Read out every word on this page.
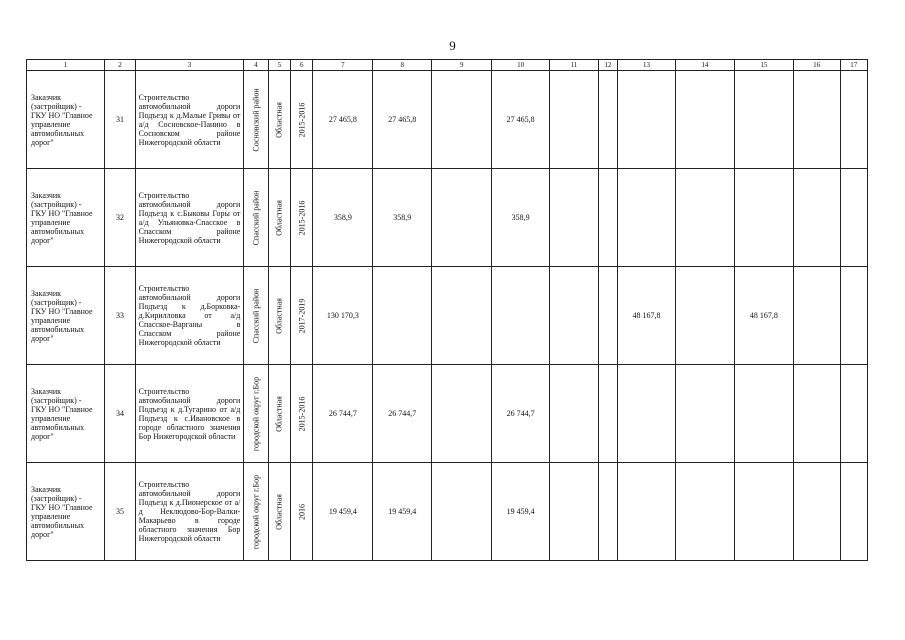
9
1	2	3	4	5	6	7	8	9	10	11	12	13	14	15	16	17

Заказчик (застройщик) - ГКУ НО "Главное управление автомобильных дорог"	31	Строительство автомобильной дороги Подъезд к д.Малые Гривы от а/д Сосновское-Панино в Сосновском районе Нижегородской области	Сосновский район	Областная	2015-2016	27 465,8	27 465,8		27 465,8							

Заказчик (застройщик) - ГКУ НО "Главное управление автомобильных дорог"	32	Строительство автомобильной дороги Подъезд к с.Быковы Горы от а/д Ульяновка-Спасское в Спасском районе Нижегородской области	Спасский район	Областная	2015-2016	358,9	358,9		358,9							

Заказчик (застройщик) - ГКУ НО "Главное управление автомобильных дорог"	33	Строительство автомобильной дороги Подъезд к д.Борковка-д.Кирилловка от а/д Спасское-Варганы в Спасском районе Нижегородской области	Спасский район	Областная	2017-2019	130 170,3						48 167,8		48 167,8		

Заказчик (застройщик) - ГКУ НО "Главное управление автомобильных дорог"	34	Строительство автомобильной дороги Подъезд к д.Тугарино от а/д Подъезд к с.Ивановское в городе областного значения Бор Нижегородской области	городской округ г.Бор	Областная	2015-2016	26 744,7	26 744,7		26 744,7							

Заказчик (застройщик) - ГКУ НО "Главное управление автомобильных дорог"	35	Строительство автомобильной дороги Подъезд к д.Пионерское от а/д Неклюдово-Бор-Валки-Макарьево в городе областного значения Бор Нижегородской области	городской округ г.Бор	Областная	2016	19 459,4	19 459,4		19 459,4							
